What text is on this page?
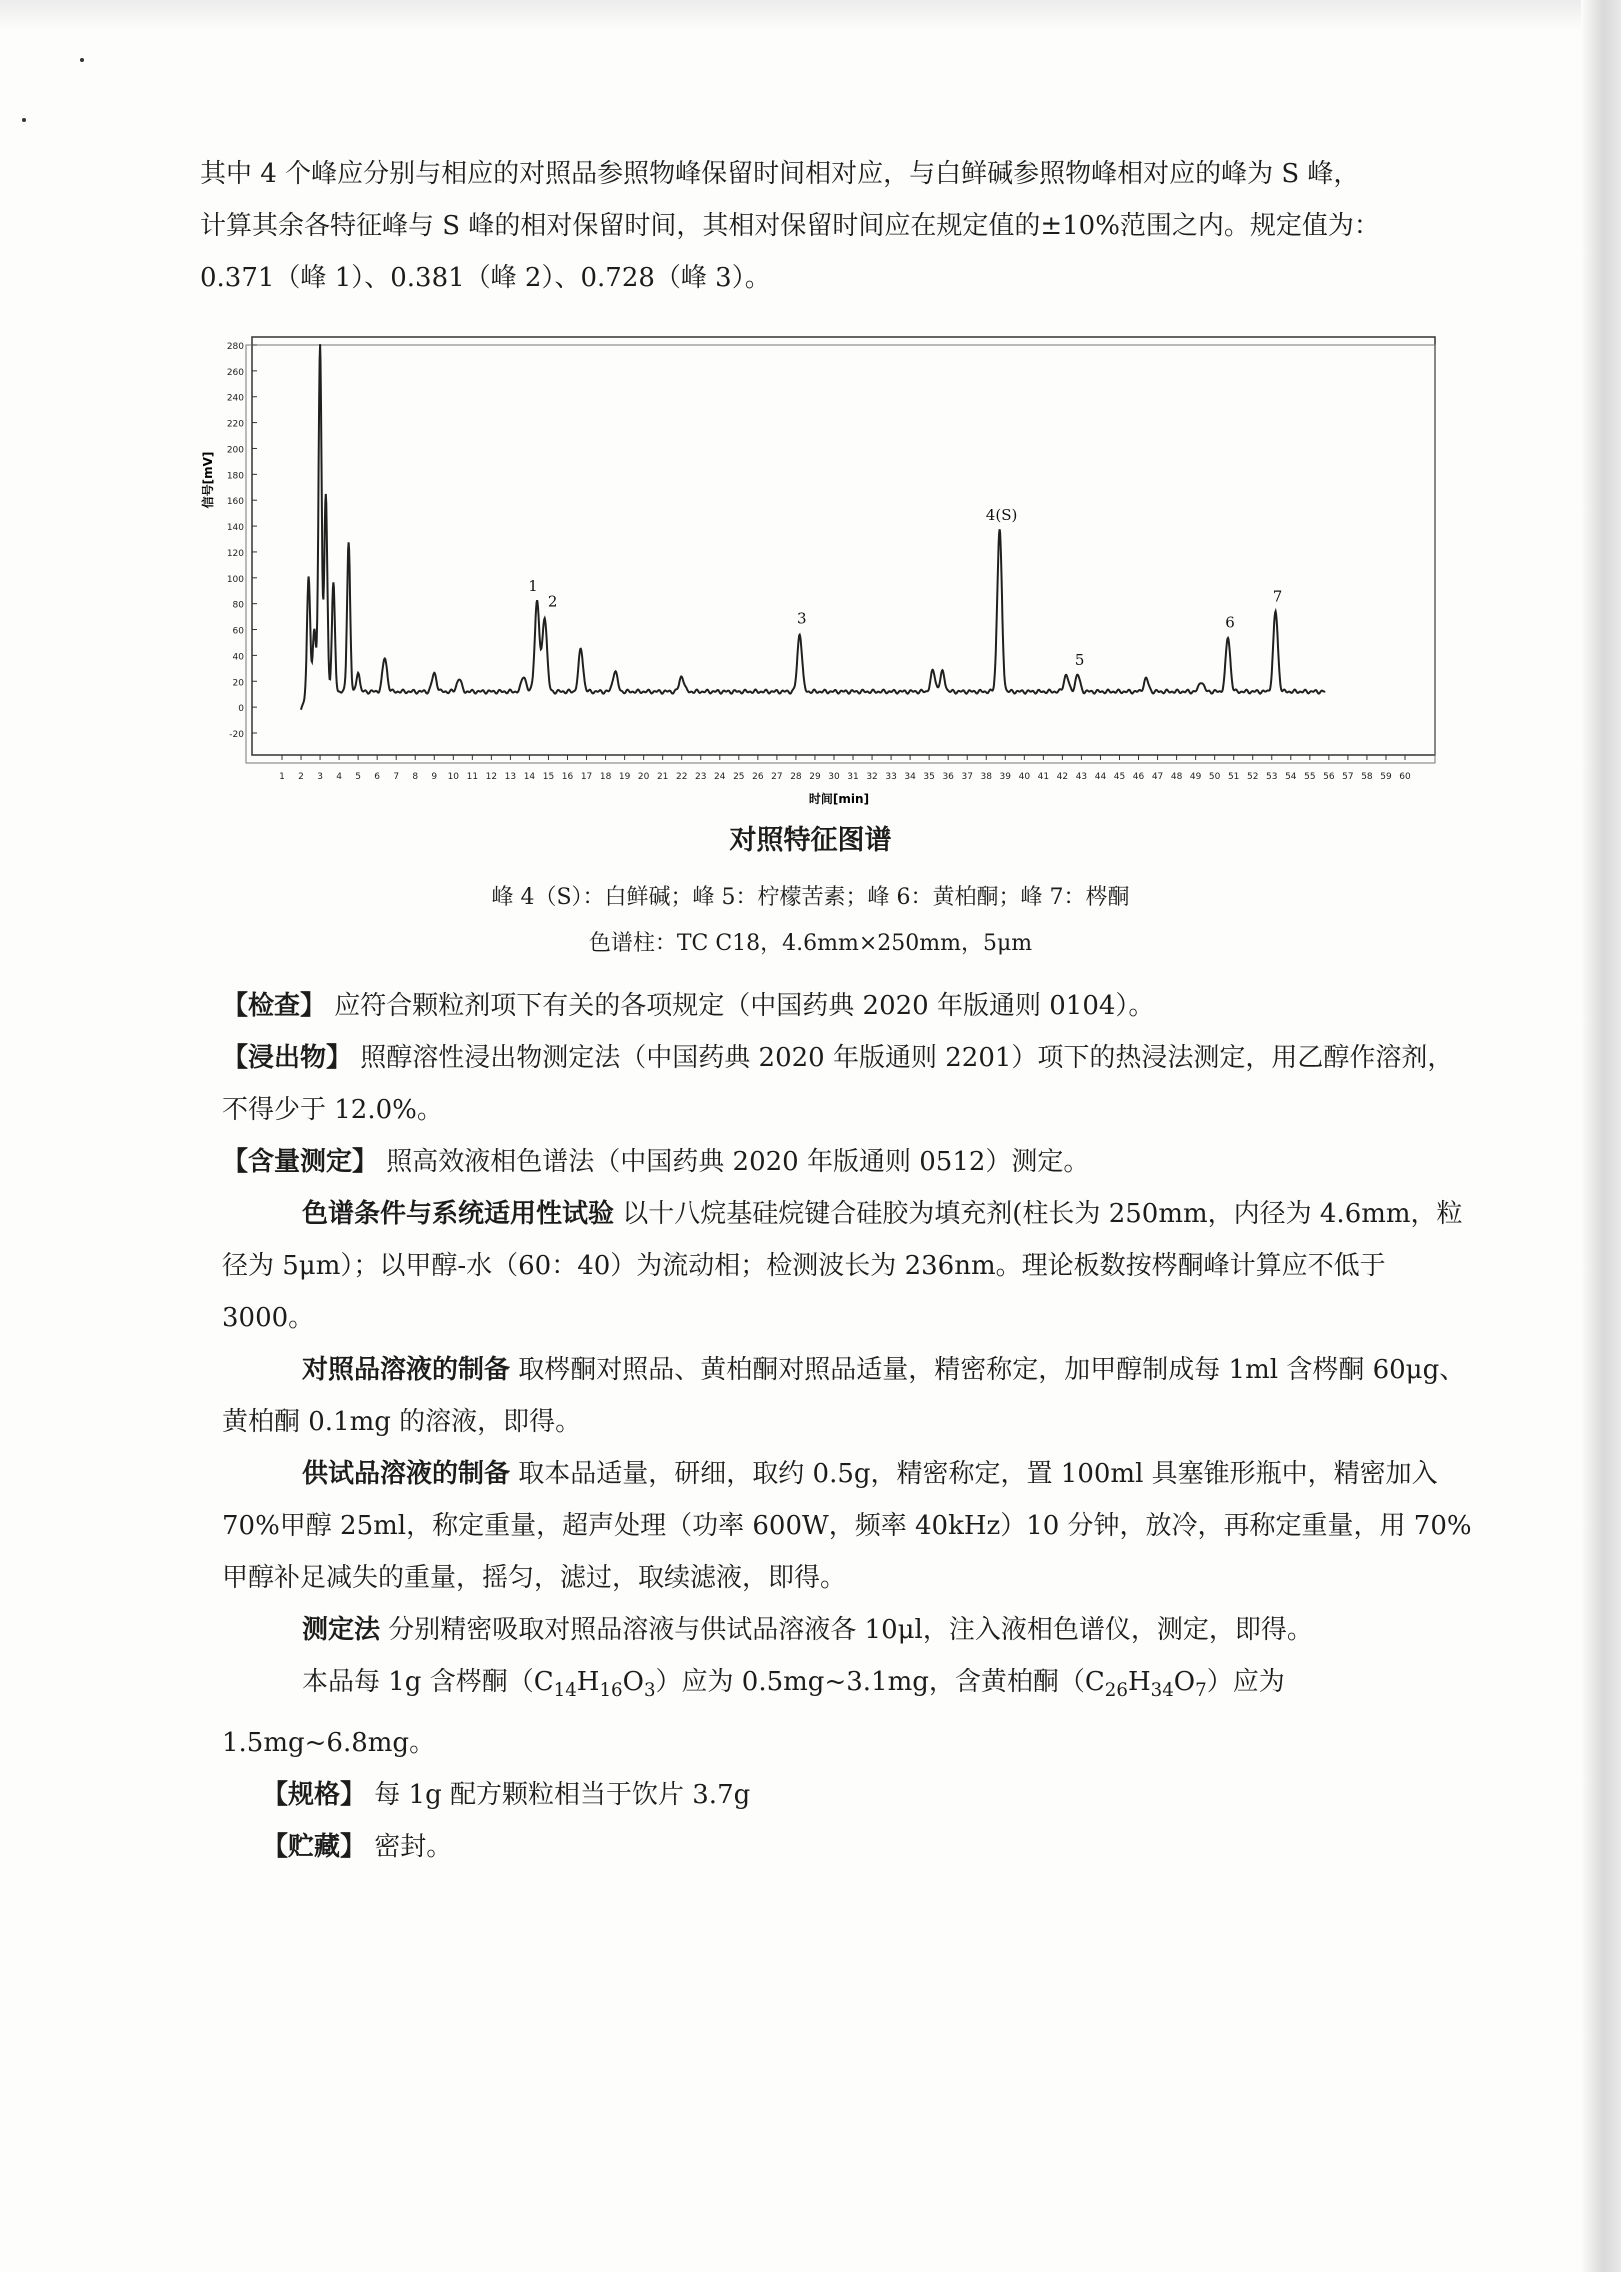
其中 4 个峰应分别与相应的对照品参照物峰保留时间相对应，与白鲜碱参照物峰相对应的峰为 S 峰，

计算其余各特征峰与 S 峰的相对保留时间，其相对保留时间应在规定值的±10%范围之内。规定值为：

0.371（峰 1）、0.381（峰 2）、0.728（峰 3）。

-20
0
20
40
60
80
100
120
140
160
180
200
220
240
260
280
1 2 3 4 5 6 7 8 9 10 11 12 13 14 15 16 17 18 19 20 21 22 23 24 25 26 27 28 29 30 31 32 33 34 35 36 37 38 39 40 41 42 43 44 45 46 47 48 49 50 51 52 53 54 55 56 57 58 59 60
1
2
3
4(S)
5
6
7
时间[min]
信号[mV]

对照特征图谱

峰 4（S）：白鲜碱；峰 5：柠檬苦素；峰 6：黄柏酮；峰 7：梣酮

色谱柱：TC C18，4.6mm×250mm，5μm

【检查】 应符合颗粒剂项下有关的各项规定（中国药典 2020 年版通则 0104）。

【浸出物】 照醇溶性浸出物测定法（中国药典 2020 年版通则 2201）项下的热浸法测定，用乙醇作溶剂，不得少于 12.0%。

【含量测定】 照高效液相色谱法（中国药典 2020 年版通则 0512）测定。

色谱条件与系统适用性试验 以十八烷基硅烷键合硅胶为填充剂(柱长为 250mm，内径为 4.6mm，粒径为 5μm）；以甲醇-水（60：40）为流动相；检测波长为 236nm。理论板数按梣酮峰计算应不低于 3000。

对照品溶液的制备 取梣酮对照品、黄柏酮对照品适量，精密称定，加甲醇制成每 1ml 含梣酮 60μg、黄柏酮 0.1mg 的溶液，即得。

供试品溶液的制备 取本品适量，研细，取约 0.5g，精密称定，置 100ml 具塞锥形瓶中，精密加入 70%甲醇 25ml，称定重量，超声处理（功率 600W，频率 40kHz）10 分钟，放冷，再称定重量，用 70%甲醇补足减失的重量，摇匀，滤过，取续滤液，即得。

测定法 分别精密吸取对照品溶液与供试品溶液各 10μl，注入液相色谱仪，测定，即得。

本品每 1g 含梣酮$(C_{14}H_{16}O_3)$应为 0.5mg~3.1mg，含黄柏酮$(C_{26}H_{34}O_7)$应为 1.5mg~6.8mg。

【规格】 每 1g 配方颗粒相当于饮片 3.7g

【贮藏】 密封。
